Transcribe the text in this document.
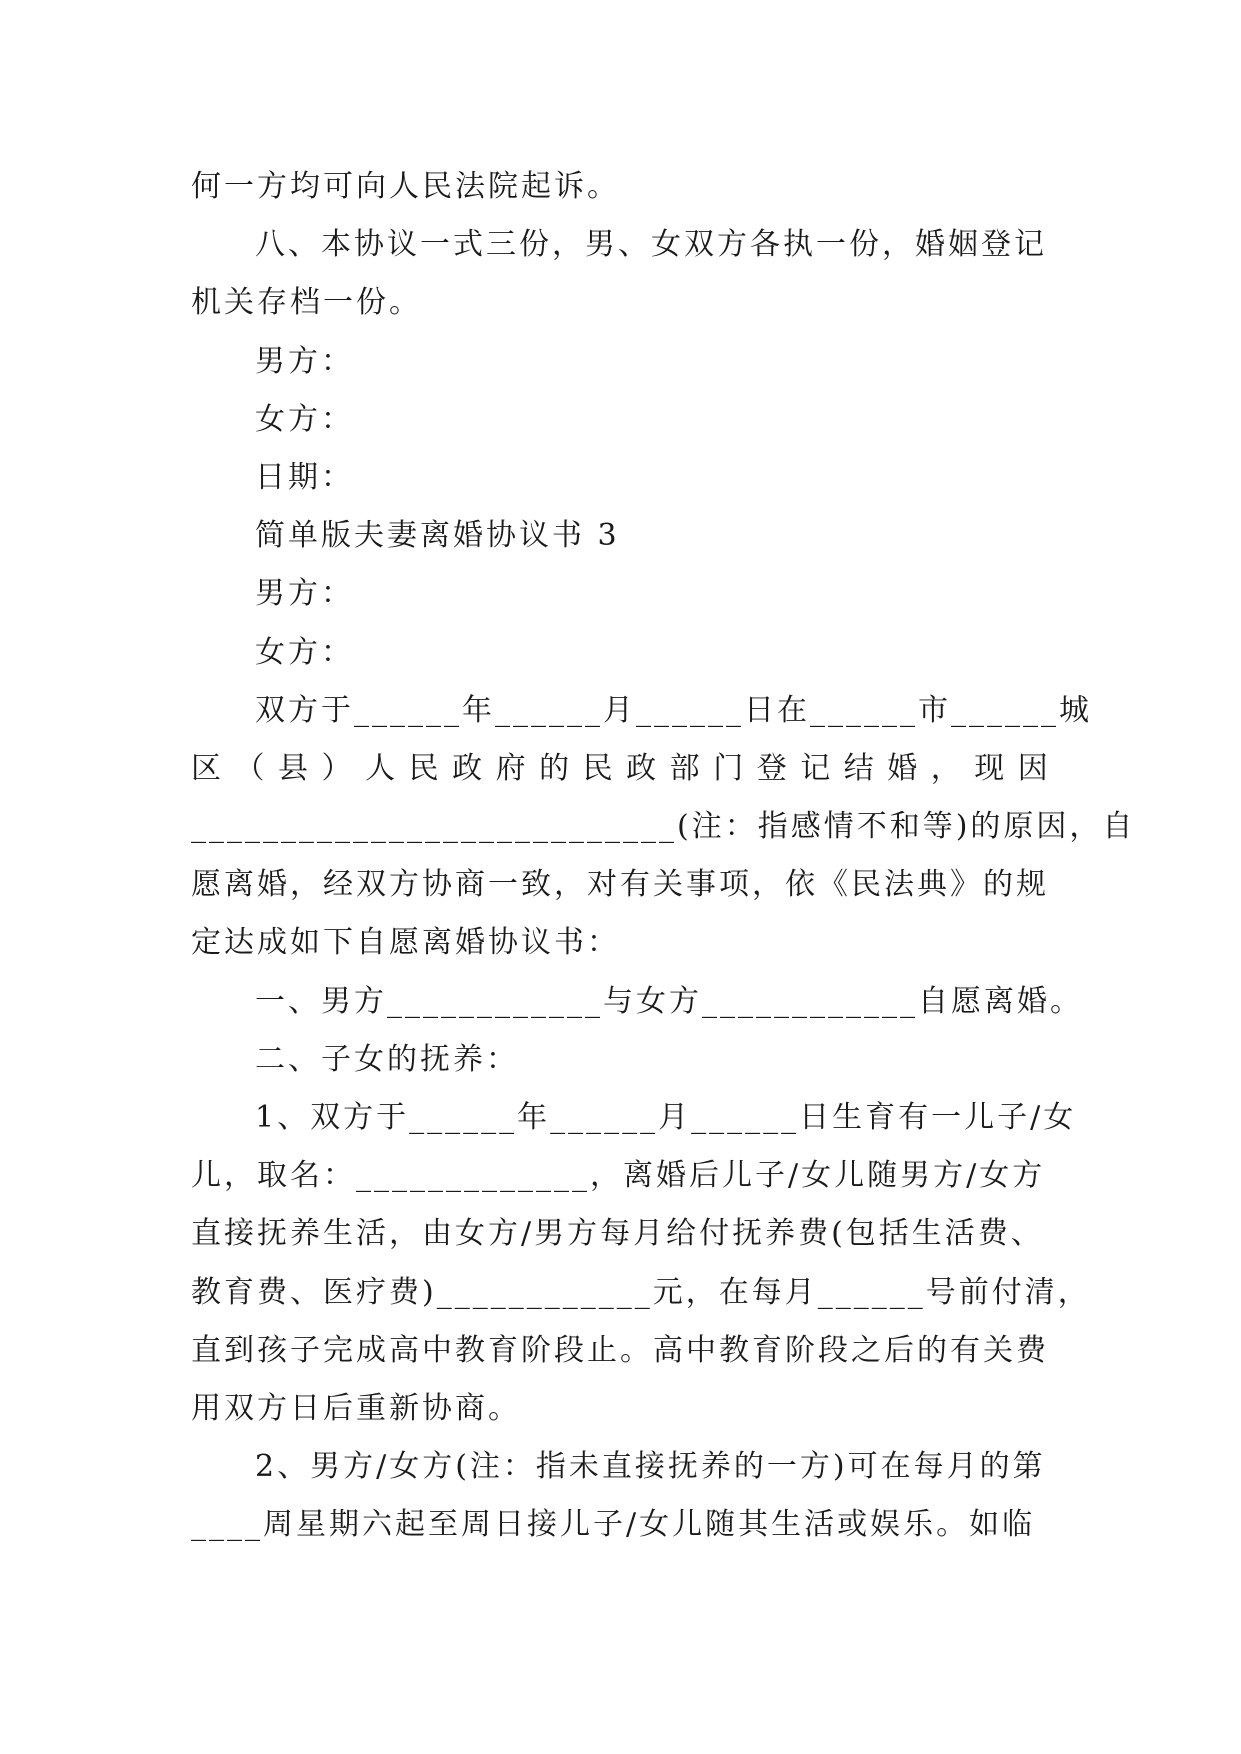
何一方均可向人民法院起诉。
八、本协议一式三份，男、女双方各执一份，婚姻登记
机关存档一份。
男方：
女方：
日期：
简单版夫妻离婚协议书 3
男方：
女方：
双方于______年______月______日在______市______城
区 （ 县 ） 人 民 政 府 的 民 政 部 门 登 记 结 婚 ， 现 因
___________________________(注：指感情不和等)的原因，自
愿离婚，经双方协商一致，对有关事项，依《民法典》的规
定达成如下自愿离婚协议书：
一、男方____________与女方____________自愿离婚。
二、子女的抚养：
1、双方于______年______月______日生育有一儿子/女
儿，取名：_____________，离婚后儿子/女儿随男方/女方
直接抚养生活，由女方/男方每月给付抚养费(包括生活费、
教育费、医疗费)____________元，在每月______号前付清，
直到孩子完成高中教育阶段止。高中教育阶段之后的有关费
用双方日后重新协商。
2、男方/女方(注：指未直接抚养的一方)可在每月的第
____周星期六起至周日接儿子/女儿随其生活或娱乐。如临
